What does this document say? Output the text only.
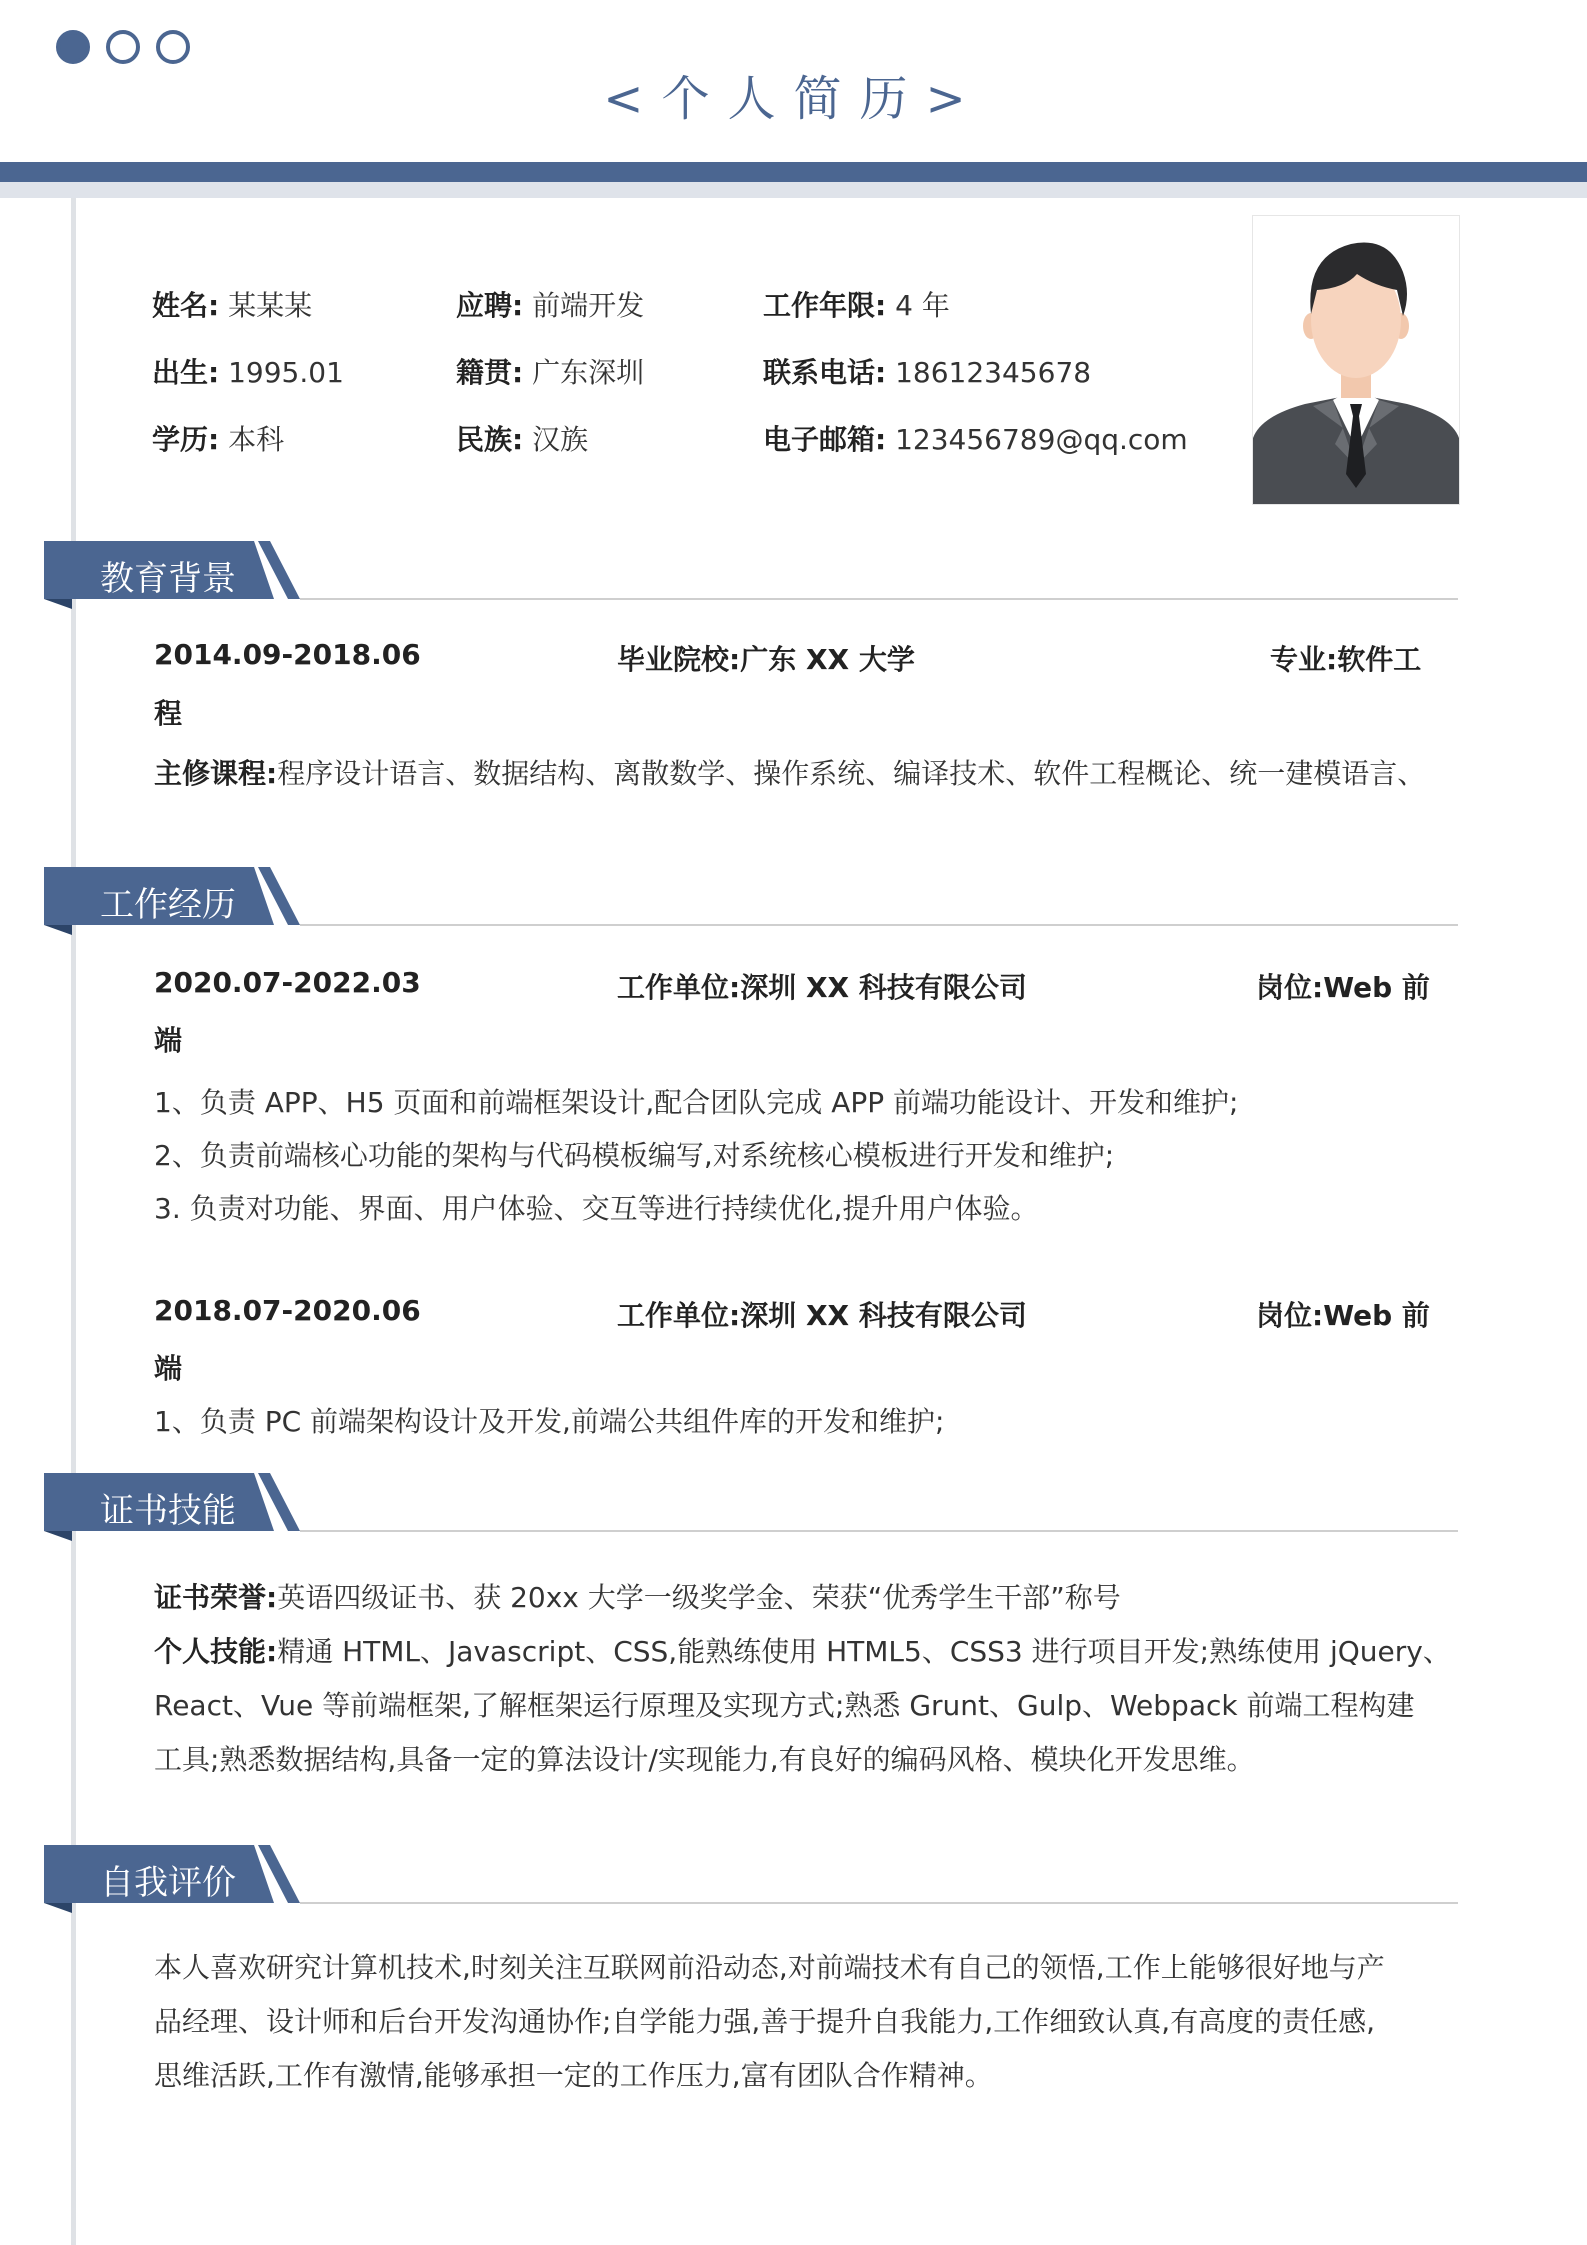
<个人简历>
姓名: 某某某	应聘: 前端开发	工作年限: 4 年
出生: 1995.01	籍贯: 广东深圳	联系电话: 18612345678
学历: 本科	民族: 汉族	电子邮箱: 123456789@qq.com
教育背景
2014.09-2018.06	毕业院校:广东 XX 大学	专业:软件工
程
主修课程:程序设计语言、数据结构、离散数学、操作系统、编译技术、软件工程概论、统一建模语言、
工作经历
2020.07-2022.03	工作单位:深圳 XX 科技有限公司	岗位:Web 前
端
1、负责 APP、H5 页面和前端框架设计,配合团队完成 APP 前端功能设计、开发和维护;
2、负责前端核心功能的架构与代码模板编写,对系统核心模板进行开发和维护;
3. 负责对功能、界面、用户体验、交互等进行持续优化,提升用户体验。
2018.07-2020.06	工作单位:深圳 XX 科技有限公司	岗位:Web 前
端
1、负责 PC 前端架构设计及开发,前端公共组件库的开发和维护;
证书技能
证书荣誉:英语四级证书、获 20xx 大学一级奖学金、荣获“优秀学生干部”称号
个人技能:精通 HTML、Javascript、CSS,能熟练使用 HTML5、CSS3 进行项目开发;熟练使用 jQuery、
React、Vue 等前端框架,了解框架运行原理及实现方式;熟悉 Grunt、Gulp、Webpack 前端工程构建
工具;熟悉数据结构,具备一定的算法设计/实现能力,有良好的编码风格、模块化开发思维。
自我评价
本人喜欢研究计算机技术,时刻关注互联网前沿动态,对前端技术有自己的领悟,工作上能够很好地与产
品经理、设计师和后台开发沟通协作;自学能力强,善于提升自我能力,工作细致认真,有高度的责任感,
思维活跃,工作有激情,能够承担一定的工作压力,富有团队合作精神。
